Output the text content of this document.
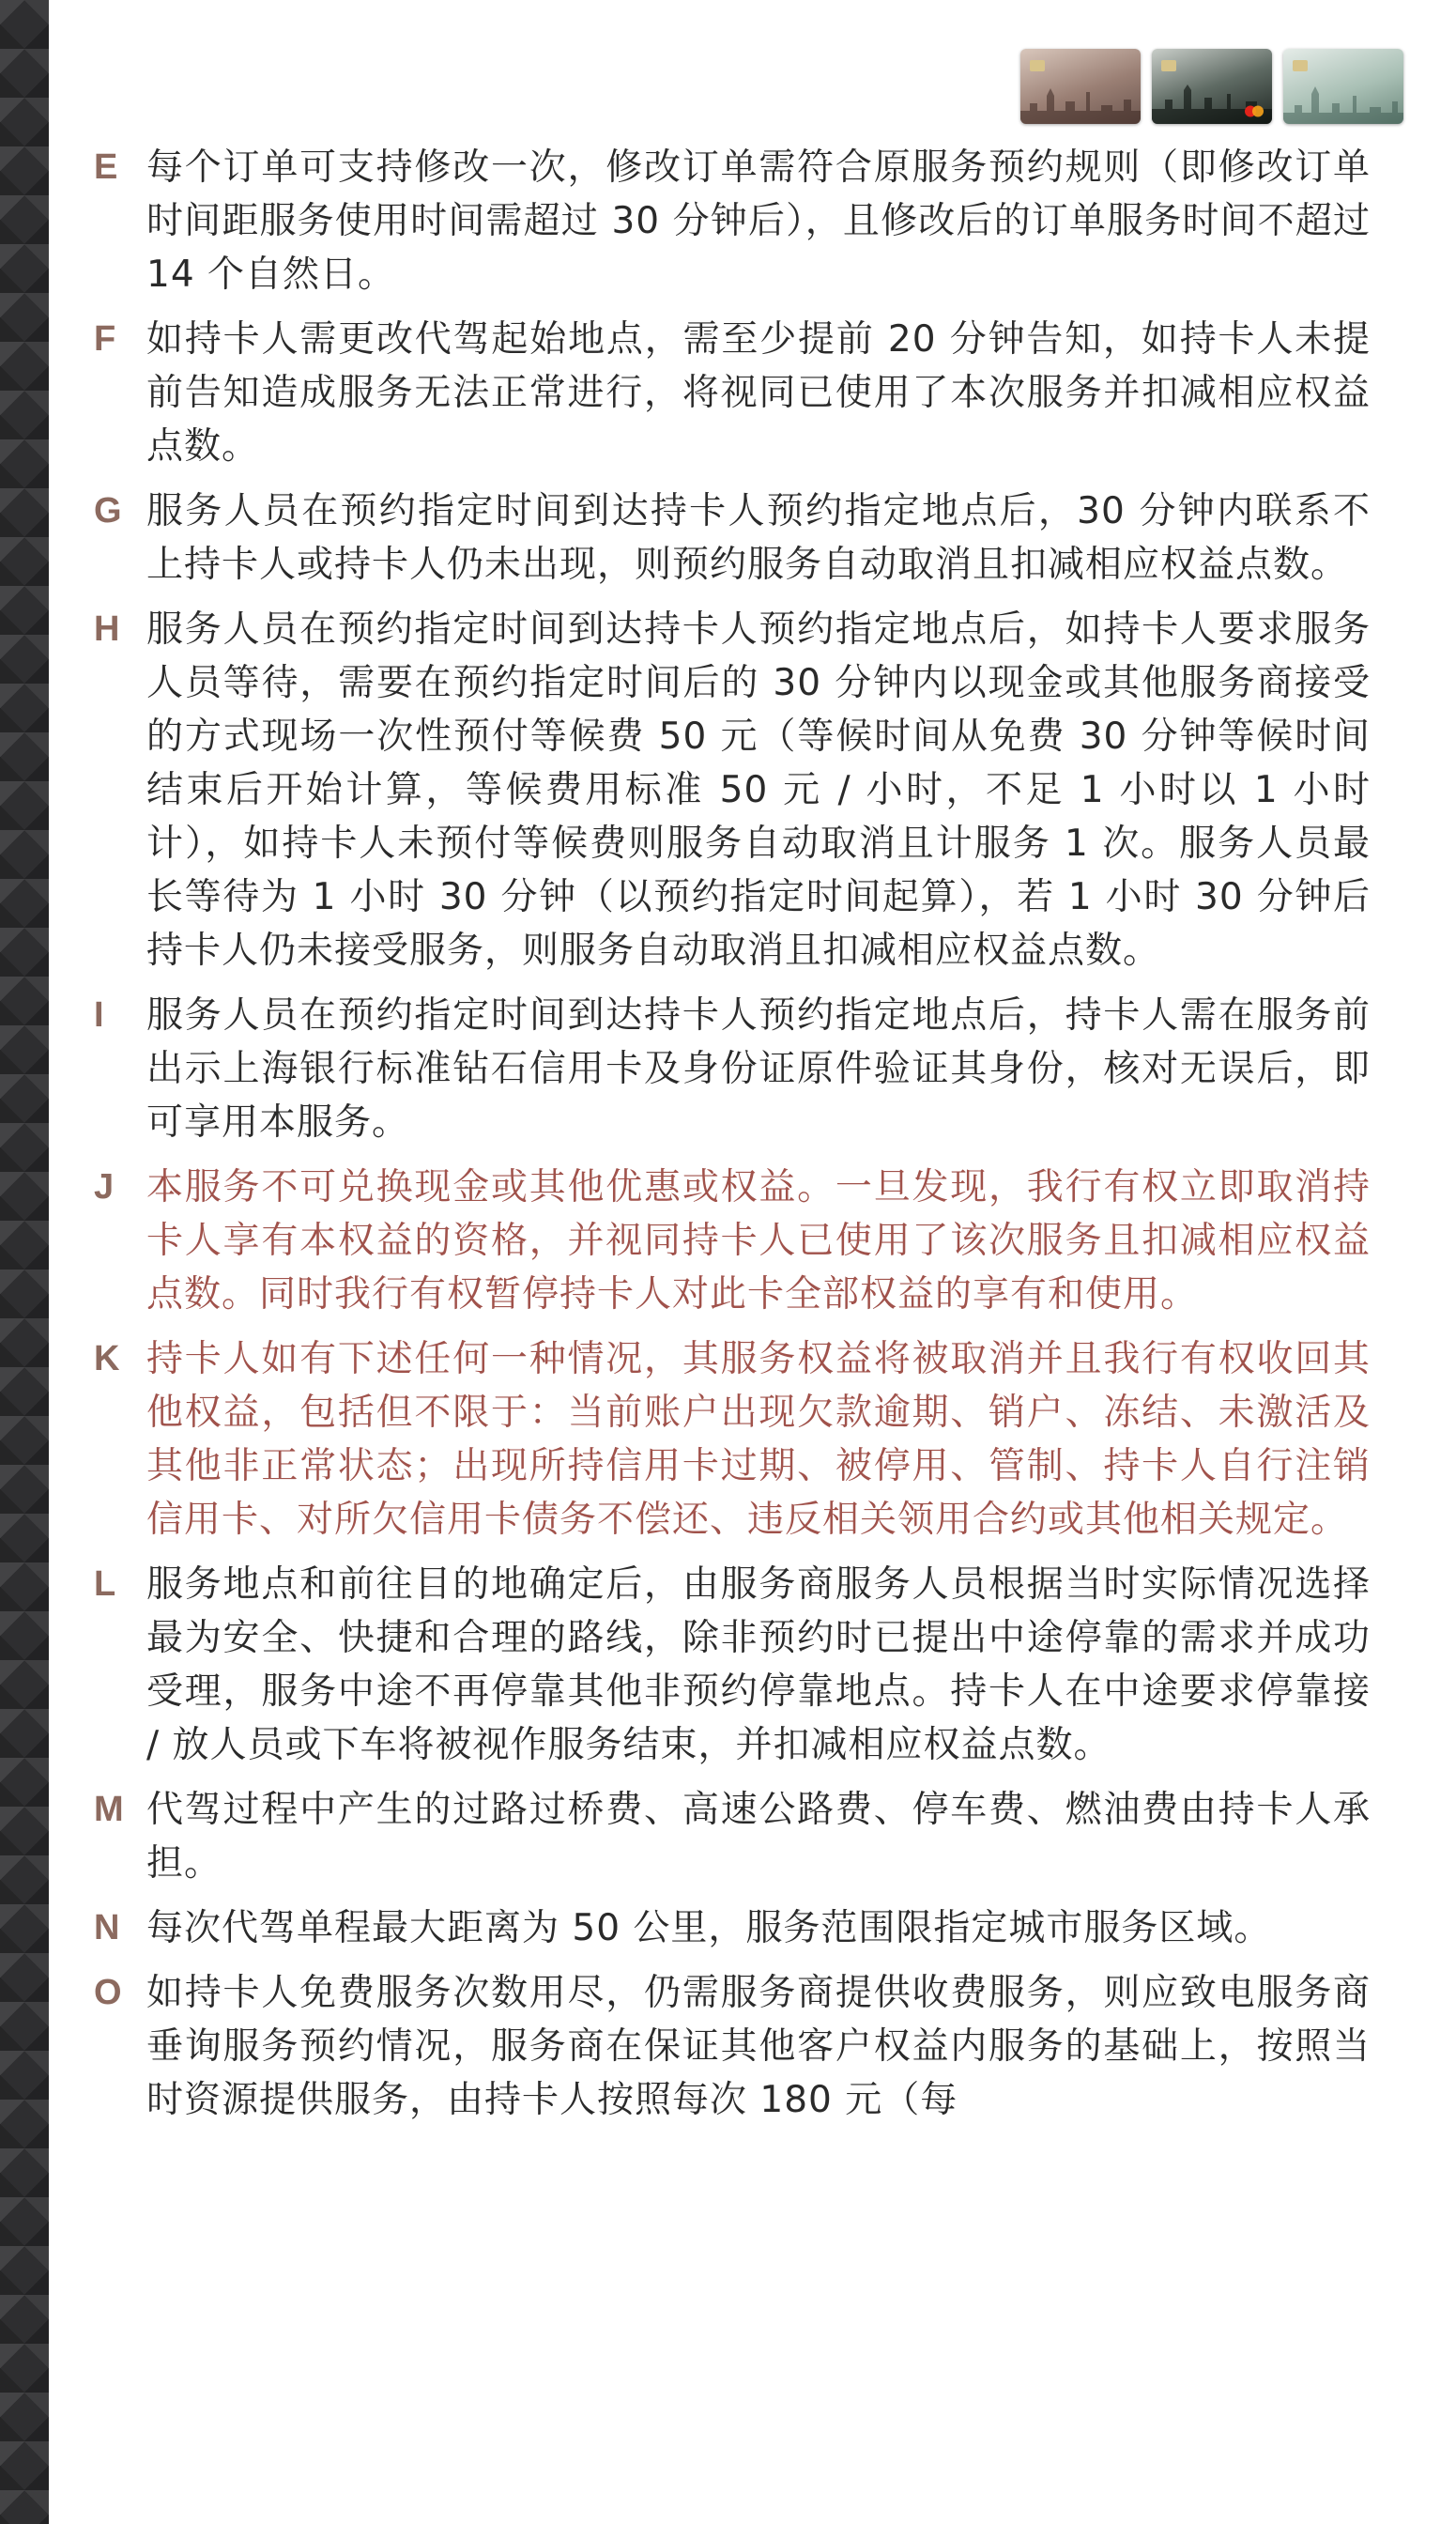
E 每个订单可支持修改一次，修改订单需符合原服务预约规则（即修改订单时间距服务使用时间需超过 30 分钟后），且修改后的订单服务时间不超过 14 个自然日。
F 如持卡人需更改代驾起始地点，需至少提前 20 分钟告知，如持卡人未提前告知造成服务无法正常进行，将视同已使用了本次服务并扣减相应权益点数。
G 服务人员在预约指定时间到达持卡人预约指定地点后，30 分钟内联系不上持卡人或持卡人仍未出现，则预约服务自动取消且扣减相应权益点数。
H 服务人员在预约指定时间到达持卡人预约指定地点后，如持卡人要求服务人员等待，需要在预约指定时间后的 30 分钟内以现金或其他服务商接受的方式现场一次性预付等候费 50 元（等候时间从免费 30 分钟等候时间结束后开始计算，等候费用标准 50 元 / 小时，不足 1 小时以 1 小时计），如持卡人未预付等候费则服务自动取消且计服务 1 次。服务人员最长等待为 1 小时 30 分钟（以预约指定时间起算），若 1 小时 30 分钟后持卡人仍未接受服务，则服务自动取消且扣减相应权益点数。
I 服务人员在预约指定时间到达持卡人预约指定地点后，持卡人需在服务前出示上海银行标准钻石信用卡及身份证原件验证其身份，核对无误后，即可享用本服务。
J 本服务不可兑换现金或其他优惠或权益。一旦发现，我行有权立即取消持卡人享有本权益的资格，并视同持卡人已使用了该次服务且扣减相应权益点数。同时我行有权暂停持卡人对此卡全部权益的享有和使用。
K 持卡人如有下述任何一种情况，其服务权益将被取消并且我行有权收回其他权益，包括但不限于：当前账户出现欠款逾期、销户、冻结、未激活及其他非正常状态；出现所持信用卡过期、被停用、管制、持卡人自行注销信用卡、对所欠信用卡债务不偿还、违反相关领用合约或其他相关规定。
L 服务地点和前往目的地确定后，由服务商服务人员根据当时实际情况选择最为安全、快捷和合理的路线，除非预约时已提出中途停靠的需求并成功受理，服务中途不再停靠其他非预约停靠地点。持卡人在中途要求停靠接 / 放人员或下车将被视作服务结束，并扣减相应权益点数。
M 代驾过程中产生的过路过桥费、高速公路费、停车费、燃油费由持卡人承担。
N 每次代驾单程最大距离为 50 公里，服务范围限指定城市服务区域。
O 如持卡人免费服务次数用尽，仍需服务商提供收费服务，则应致电服务商垂询服务预约情况，服务商在保证其他客户权益内服务的基础上，按照当时资源提供服务，由持卡人按照每次 180 元（每
